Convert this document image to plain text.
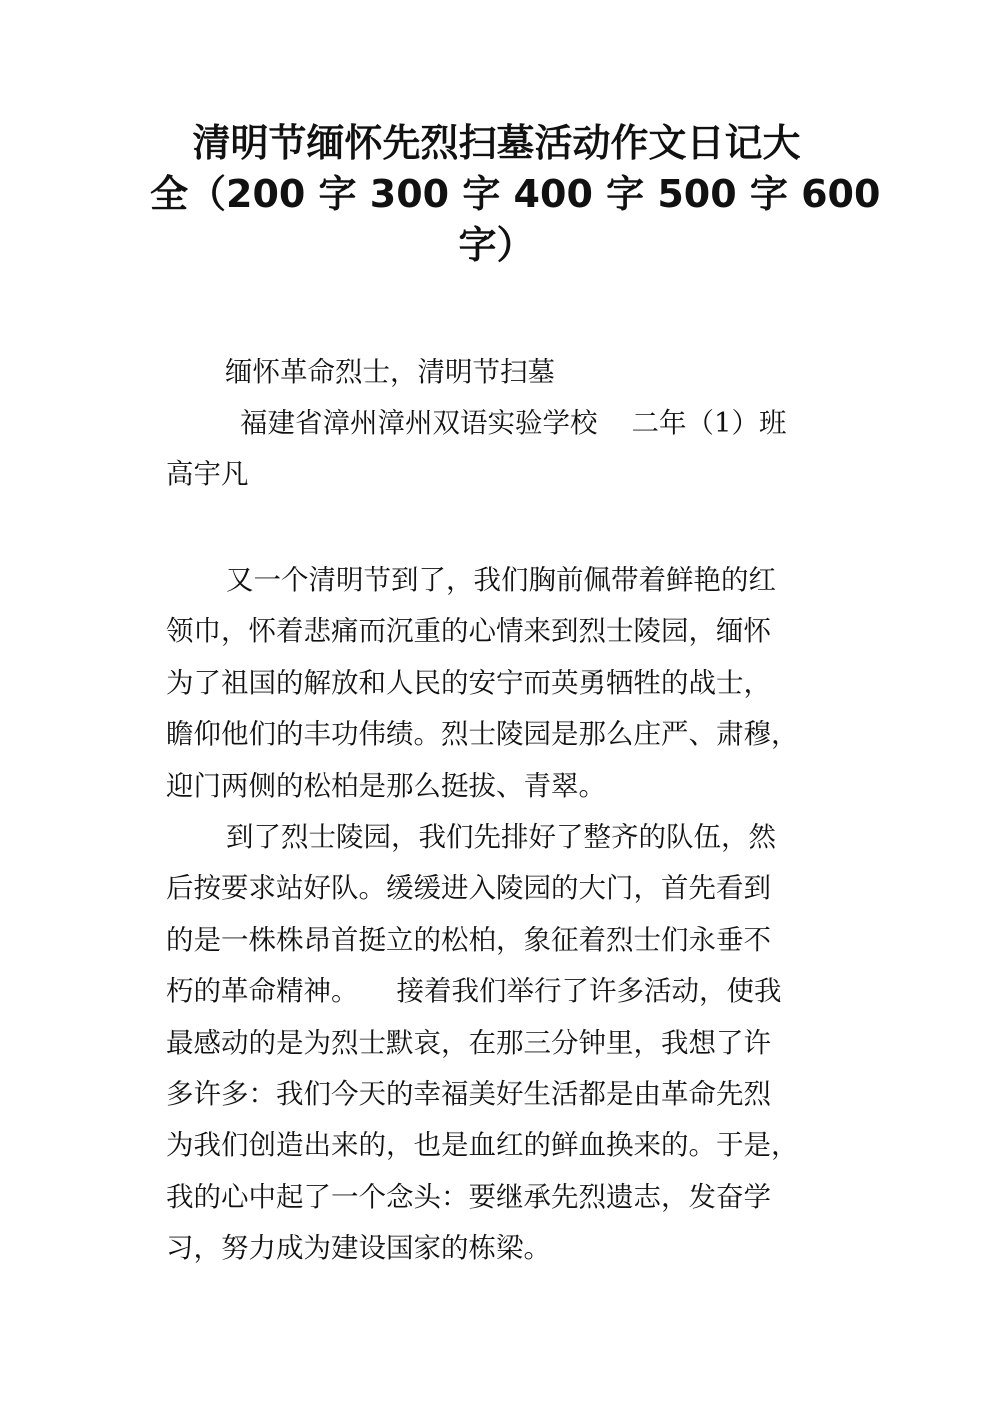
清明节缅怀先烈扫墓活动作文日记大
全（200 字 300 字 400 字 500 字 600
字）

缅怀革命烈士，清明节扫墓

福建省漳州漳州双语实验学校 二年（1）班
高宇凡

又一个清明节到了，我们胸前佩带着鲜艳的红
领巾，怀着悲痛而沉重的心情来到烈士陵园，缅怀
为了祖国的解放和人民的安宁而英勇牺牲的战士，
瞻仰他们的丰功伟绩。烈士陵园是那么庄严、肃穆，
迎门两侧的松柏是那么挺拔、青翠。

到了烈士陵园，我们先排好了整齐的队伍，然
后按要求站好队。缓缓进入陵园的大门，首先看到
的是一株株昂首挺立的松柏，象征着烈士们永垂不
朽的革命精神。 接着我们举行了许多活动，使我
最感动的是为烈士默哀，在那三分钟里，我想了许
多许多：我们今天的幸福美好生活都是由革命先烈
为我们创造出来的，也是血红的鲜血换来的。于是，
我的心中起了一个念头：要继承先烈遗志，发奋学
习，努力成为建设国家的栋梁。
